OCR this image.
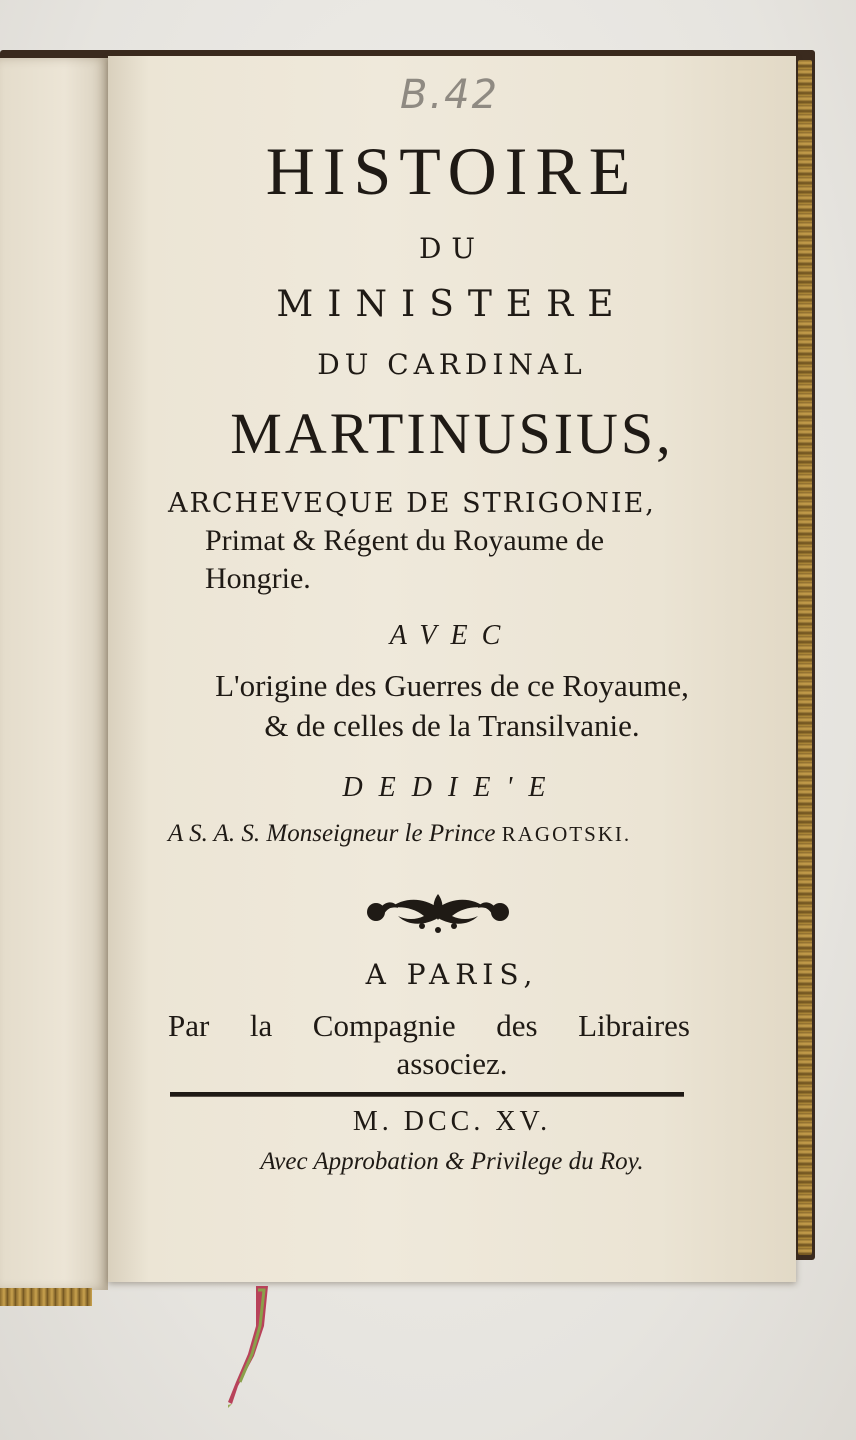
B.42
HISTOIRE
DU
MINISTERE
DU CARDINAL
MARTINUSIUS,
ARCHEVEQUE DE STRIGONIE,
Primat & Régent du Royaume de
Hongrie.
AVEC
L'origine des Guerres de ce Royaume,
& de celles de la Transilvanie.
DEDIE'E
A S. A. S. Monseigneur le Prince RAGOTSKI.
A PARIS,
Par la Compagnie des Libraires
associez.
M. DCC. XV.
Avec Approbation & Privilege du Roy.
